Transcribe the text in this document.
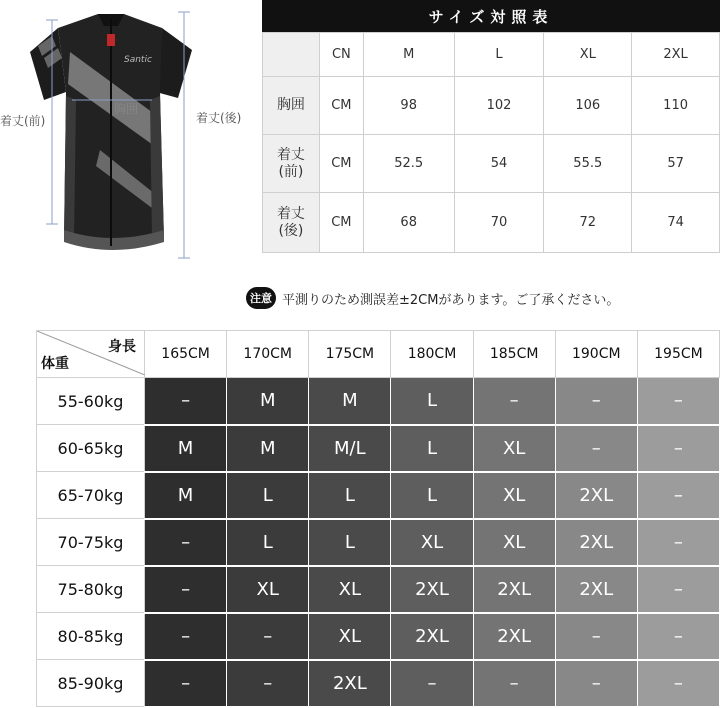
Santic
着丈(前)	着丈(後)
胸囲
サイズ対照表
	CN	M	L	XL	2XL
胸囲	CM	98	102	106	110
着丈
(前)	CM	52.5	54	55.5	57
着丈
(後)	CM	68	70	72	74
注意 平測りのため測誤差±2CMがあります。ご了承ください。
身長
体重	165CM	170CM	175CM	180CM	185CM	190CM	195CM
55-60kg	–	M	M	L	–	–	–
60-65kg	M	M	M/L	L	XL	–	–
65-70kg	M	L	L	L	XL	2XL	–
70-75kg	–	L	L	XL	XL	2XL	–
75-80kg	–	XL	XL	2XL	2XL	2XL	–
80-85kg	–	–	XL	2XL	2XL	–	–
85-90kg	–	–	2XL	–	–	–	–
